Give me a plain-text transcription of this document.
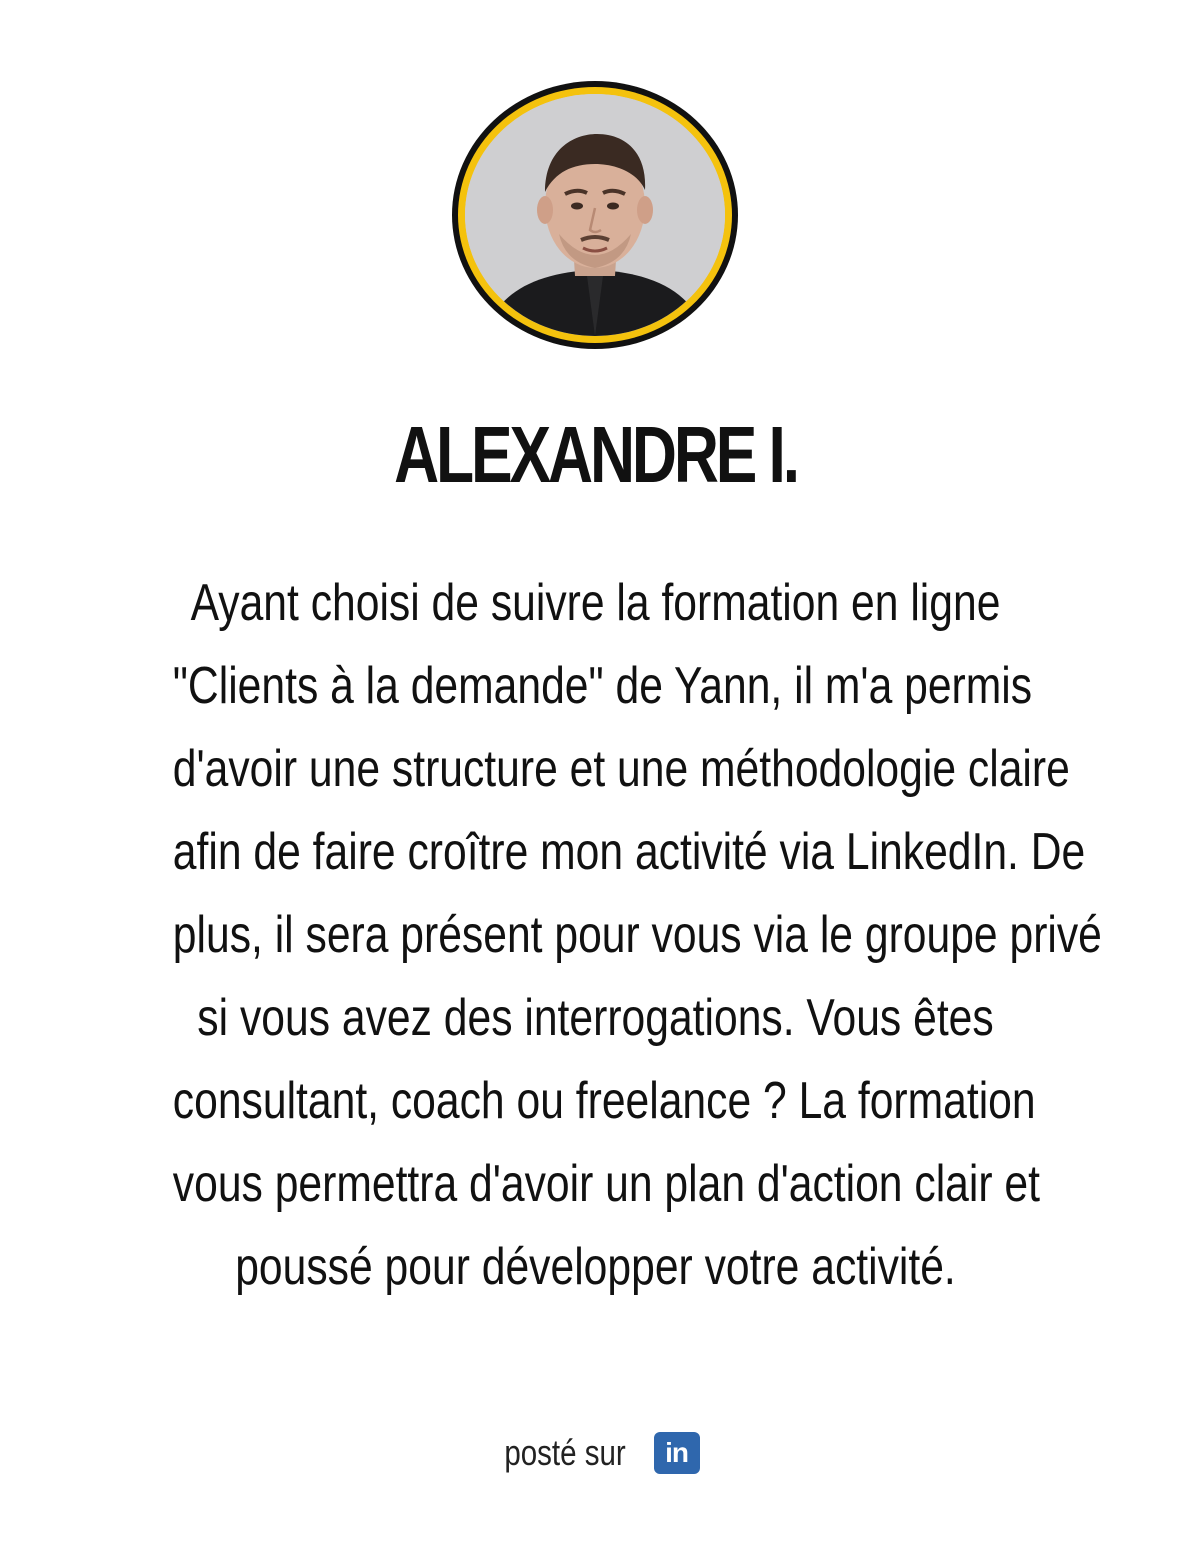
ALEXANDRE I.
Ayant choisi de suivre la formation en ligne
"Clients à la demande" de Yann, il m'a permis
d'avoir une structure et une méthodologie claire
afin de faire croître mon activité via LinkedIn. De
plus, il sera présent pour vous via le groupe privé
si vous avez des interrogations. Vous êtes
consultant, coach ou freelance ? La formation
vous permettra d'avoir un plan d'action clair et
poussé pour développer votre activité.
posté sur	in
